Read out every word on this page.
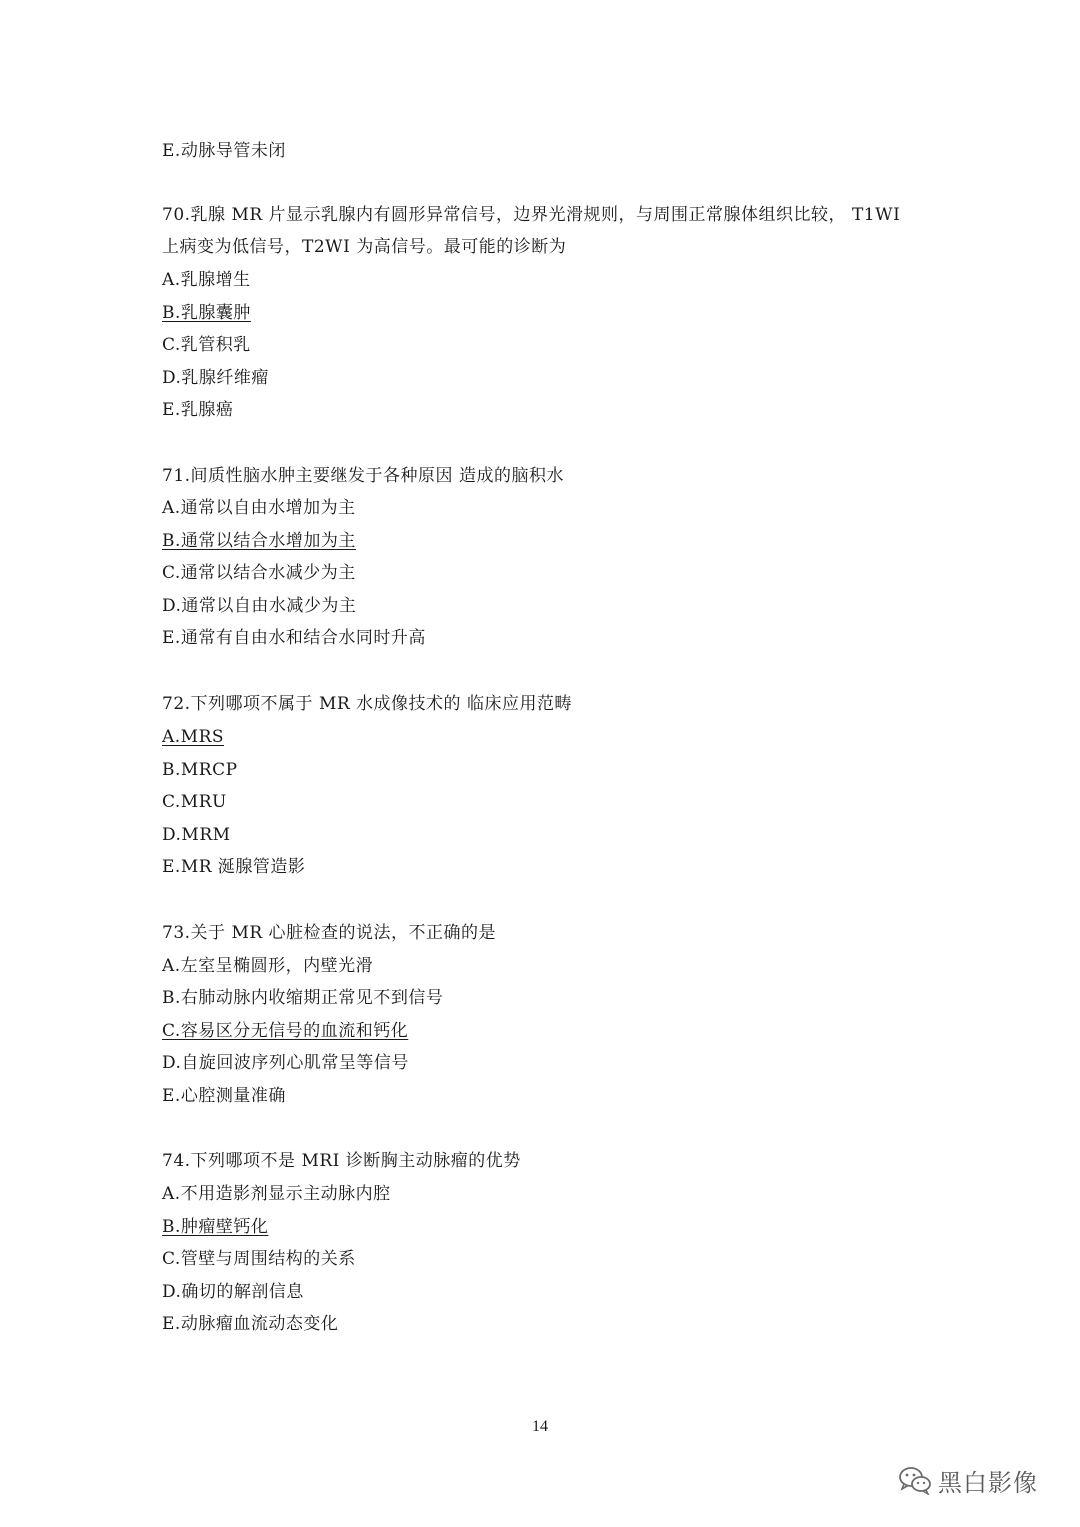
E.动脉导管未闭
70.乳腺 MR 片显示乳腺内有圆形异常信号，边界光滑规则，与周围正常腺体组织比较， T1WI
上病变为低信号，T2WI 为高信号。最可能的诊断为
A.乳腺增生
B.乳腺囊肿
C.乳管积乳
D.乳腺纤维瘤
E.乳腺癌
71.间质性脑水肿主要继发于各种原因 造成的脑积水
A.通常以自由水增加为主
B.通常以结合水增加为主
C.通常以结合水减少为主
D.通常以自由水减少为主
E.通常有自由水和结合水同时升高
72.下列哪项不属于 MR 水成像技术的 临床应用范畴
A.MRS
B.MRCP
C.MRU
D.MRM
E.MR 涎腺管造影
73.关于 MR 心脏检查的说法，不正确的是
A.左室呈椭圆形，内壁光滑
B.右肺动脉内收缩期正常见不到信号
C.容易区分无信号的血流和钙化
D.自旋回波序列心肌常呈等信号
E.心腔测量准确
74.下列哪项不是 MRI 诊断胸主动脉瘤的优势
A.不用造影剂显示主动脉内腔
B.肿瘤壁钙化
C.管壁与周围结构的关系
D.确切的解剖信息
E.动脉瘤血流动态变化
14
黑白影像
